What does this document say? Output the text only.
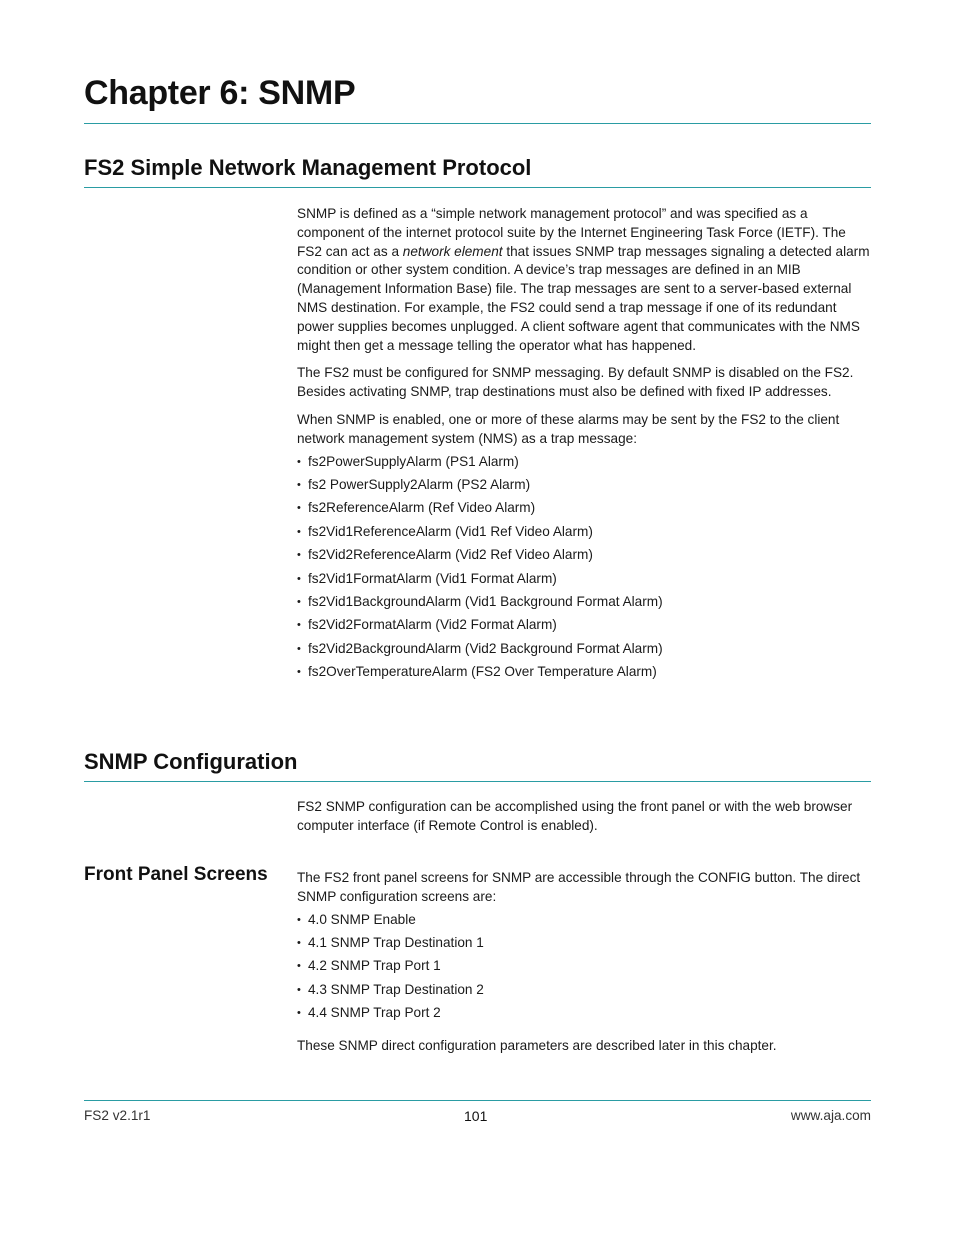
Chapter 6: SNMP
FS2 Simple Network Management Protocol

SNMP is defined as a “simple network management protocol” and was specified as a component of the internet protocol suite by the Internet Engineering Task Force (IETF). The FS2 can act as a network element that issues SNMP trap messages signaling a detected alarm condition or other system condition. A device’s trap messages are defined in an MIB (Management Information Base) file. The trap messages are sent to a server-based external NMS destination. For example, the FS2 could send a trap message if one of its redundant power supplies becomes unplugged. A client software agent that communicates with the NMS might then get a message telling the operator what has happened.

The FS2 must be configured for SNMP messaging. By default SNMP is disabled on the FS2. Besides activating SNMP, trap destinations must also be defined with fixed IP addresses.

When SNMP is enabled, one or more of these alarms may be sent by the FS2 to the client network management system (NMS) as a trap message:

• fs2PowerSupplyAlarm (PS1 Alarm)
• fs2 PowerSupply2Alarm (PS2 Alarm)
• fs2ReferenceAlarm (Ref Video Alarm)
• fs2Vid1ReferenceAlarm (Vid1 Ref Video Alarm)
• fs2Vid2ReferenceAlarm (Vid2 Ref Video Alarm)
• fs2Vid1FormatAlarm (Vid1 Format Alarm)
• fs2Vid1BackgroundAlarm (Vid1 Background Format Alarm)
• fs2Vid2FormatAlarm (Vid2 Format Alarm)
• fs2Vid2BackgroundAlarm (Vid2 Background Format Alarm)
• fs2OverTemperatureAlarm (FS2 Over Temperature Alarm)
SNMP Configuration

FS2 SNMP configuration can be accomplished using the front panel or with the web browser computer interface (if Remote Control is enabled).

Front Panel Screens The FS2 front panel screens for SNMP are accessible through the CONFIG button. The direct SNMP configuration screens are:

• 4.0 SNMP Enable
• 4.1 SNMP Trap Destination 1
• 4.2 SNMP Trap Port 1
• 4.3 SNMP Trap Destination 2
• 4.4 SNMP Trap Port 2

These SNMP direct configuration parameters are described later in this chapter.

FS2 v2.1r1	101	www.aja.com
